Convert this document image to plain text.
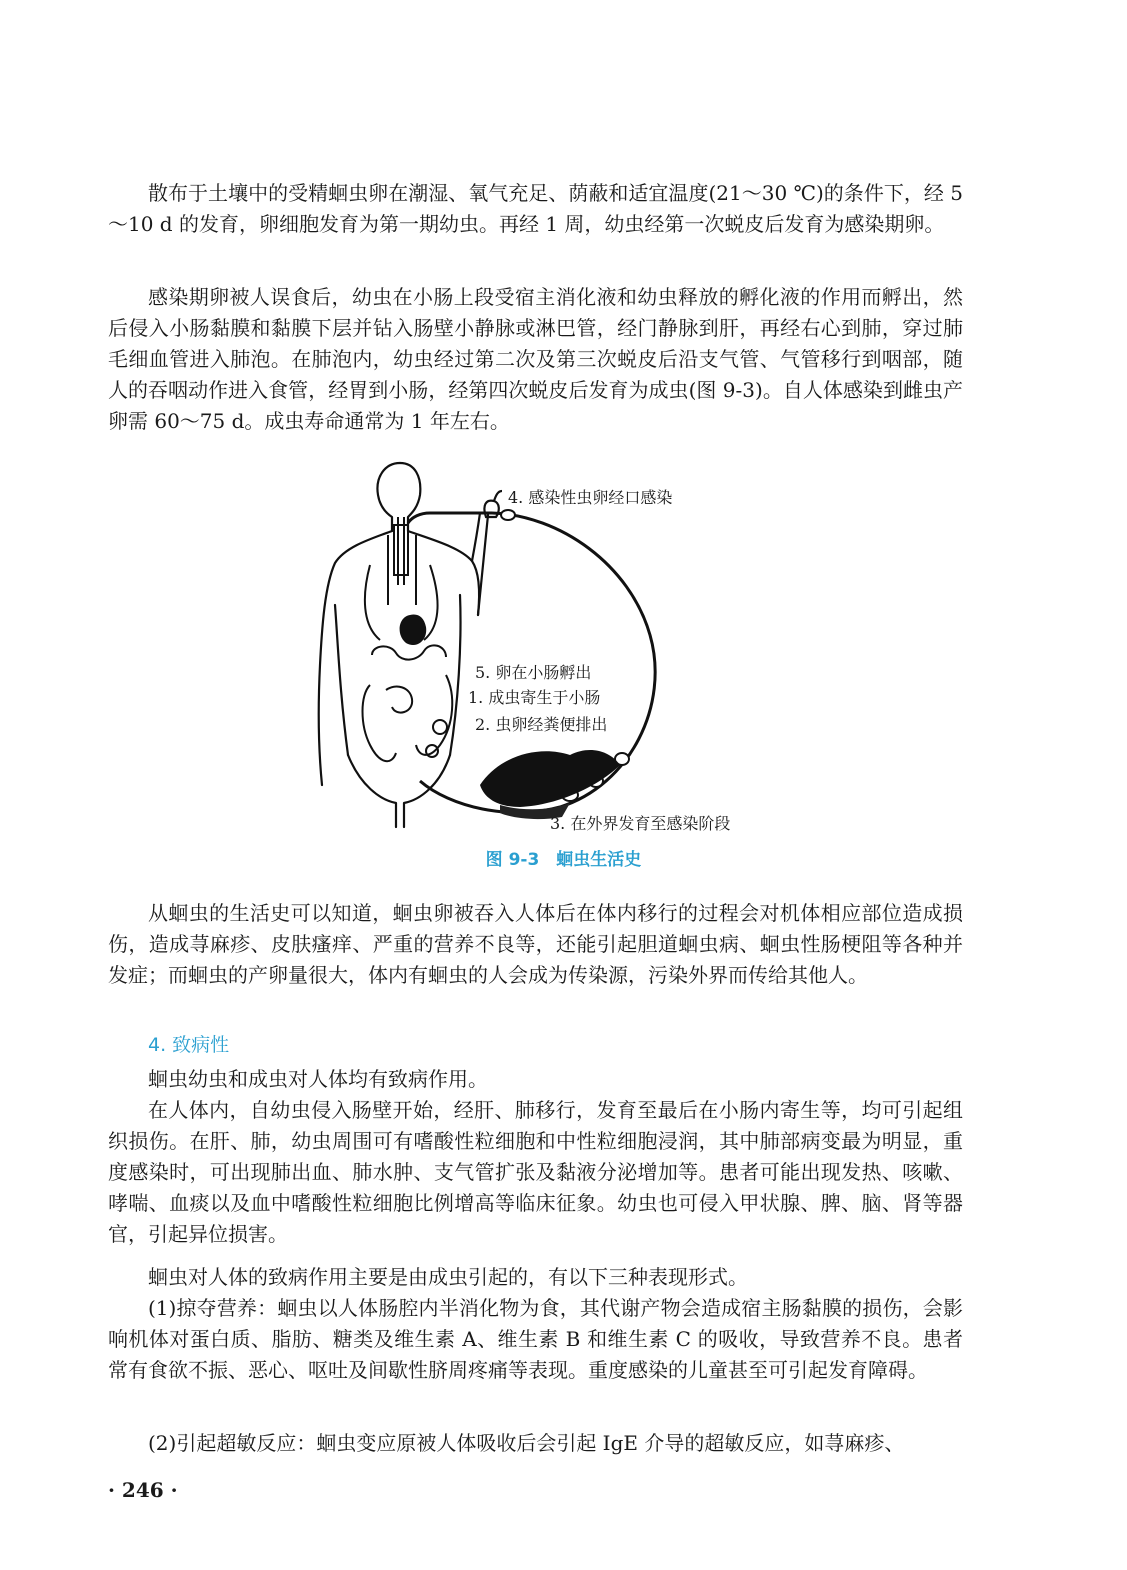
散布于土壤中的受精蛔虫卵在潮湿、氧气充足、荫蔽和适宜温度(21～30 ℃)的条件下，经 5～10 d 的发育，卵细胞发育为第一期幼虫。再经 1 周，幼虫经第一次蜕皮后发育为感染期卵。

感染期卵被人误食后，幼虫在小肠上段受宿主消化液和幼虫释放的孵化液的作用而孵出，然后侵入小肠黏膜和黏膜下层并钻入肠壁小静脉或淋巴管，经门静脉到肝，再经右心到肺，穿过肺毛细血管进入肺泡。在肺泡内，幼虫经过第二次及第三次蜕皮后沿支气管、气管移行到咽部，随人的吞咽动作进入食管，经胃到小肠，经第四次蜕皮后发育为成虫(图 9-3)。自人体感染到雌虫产卵需 60～75 d。成虫寿命通常为 1 年左右。

4. 感染性虫卵经口感染
5. 卵在小肠孵出
1. 成虫寄生于小肠
2. 虫卵经粪便排出
3. 在外界发育至感染阶段
图 9-3　蛔虫生活史

从蛔虫的生活史可以知道，蛔虫卵被吞入人体后在体内移行的过程会对机体相应部位造成损伤，造成荨麻疹、皮肤瘙痒、严重的营养不良等，还能引起胆道蛔虫病、蛔虫性肠梗阻等各种并发症；而蛔虫的产卵量很大，体内有蛔虫的人会成为传染源，污染外界而传给其他人。

4. 致病性

蛔虫幼虫和成虫对人体均有致病作用。

在人体内，自幼虫侵入肠壁开始，经肝、肺移行，发育至最后在小肠内寄生等，均可引起组织损伤。在肝、肺，幼虫周围可有嗜酸性粒细胞和中性粒细胞浸润，其中肺部病变最为明显，重度感染时，可出现肺出血、肺水肿、支气管扩张及黏液分泌增加等。患者可能出现发热、咳嗽、哮喘、血痰以及血中嗜酸性粒细胞比例增高等临床征象。幼虫也可侵入甲状腺、脾、脑、肾等器官，引起异位损害。

蛔虫对人体的致病作用主要是由成虫引起的，有以下三种表现形式。

(1)掠夺营养：蛔虫以人体肠腔内半消化物为食，其代谢产物会造成宿主肠黏膜的损伤，会影响机体对蛋白质、脂肪、糖类及维生素 A、维生素 B 和维生素 C 的吸收，导致营养不良。患者常有食欲不振、恶心、呕吐及间歇性脐周疼痛等表现。重度感染的儿童甚至可引起发育障碍。

(2)引起超敏反应：蛔虫变应原被人体吸收后会引起 IgE 介导的超敏反应，如荨麻疹、

· 246 ·
